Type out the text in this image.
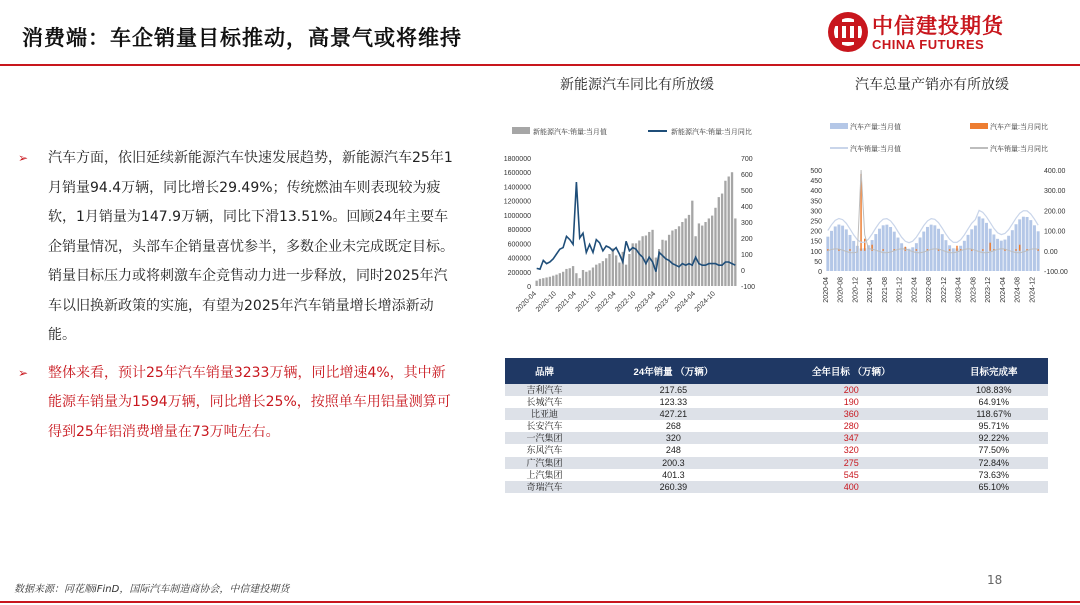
消费端：车企销量目标推动，高景气或将维持	中信建投期货
CHINA FUTURES
➢ 汽车方面，依旧延续新能源汽车快速发展趋势，新能源汽车25年1月销量94.4万辆，同比增长29.49%；传统燃油车则表现较为疲软，1月销量为147.9万辆，同比下滑13.51%。回顾24年主要车企销量情况，头部车企销量喜忧参半，多数企业未完成既定目标。销量目标压力或将刺激车企竞售动力进一步释放，同时2025年汽车以旧换新政策的实施，有望为2025年汽车销量增长增添新动能。
➢ 整体来看，预计25年汽车销量3233万辆，同比增速4%，其中新能源车销量为1594万辆，同比增长25%，按照单车用铝量测算可得到25年铝消费增量在73万吨左右。
新能源汽车同比有所放缓
新能源汽车:销量:当月值	新能源汽车:销量:当月同比
0
200000
400000
600000
800000
1000000
1200000
1400000
1600000
1800000
-100
0
100
200
300
400
500
600
700
2020-04
2020-10
2021-04
2021-10
2022-04
2022-10
2023-04
2023-10
2024-04
2024-10
汽车总量产销亦有所放缓
汽车产量:当月值	汽车产量:当月同比
汽车销量:当月值	汽车销量:当月同比
0
50
100
150
200
250
300
350
400
450
500
-100.00
0.00
100.00
200.00
300.00
400.00
2020-04 2020-08 2020-12 2021-04 2021-08 2021-12 2022-04 2022-08 2022-12 2023-04 2023-08 2023-12 2024-04 2024-08 2024-12
品牌	24年销量 （万辆）	全年目标 （万辆）	目标完成率
吉利汽车	217.65	200	108.83%
长城汽车	123.33	190	64.91%
比亚迪	427.21	360	118.67%
长安汽车	268	280	95.71%
一汽集团	320	347	92.22%
东风汽车	248	320	77.50%
广汽集团	200.3	275	72.84%
上汽集团	401.3	545	73.63%
奇瑞汽车	260.39	400	65.10%
数据来源：同花顺iFinD，国际汽车制造商协会，中信建投期货
18
